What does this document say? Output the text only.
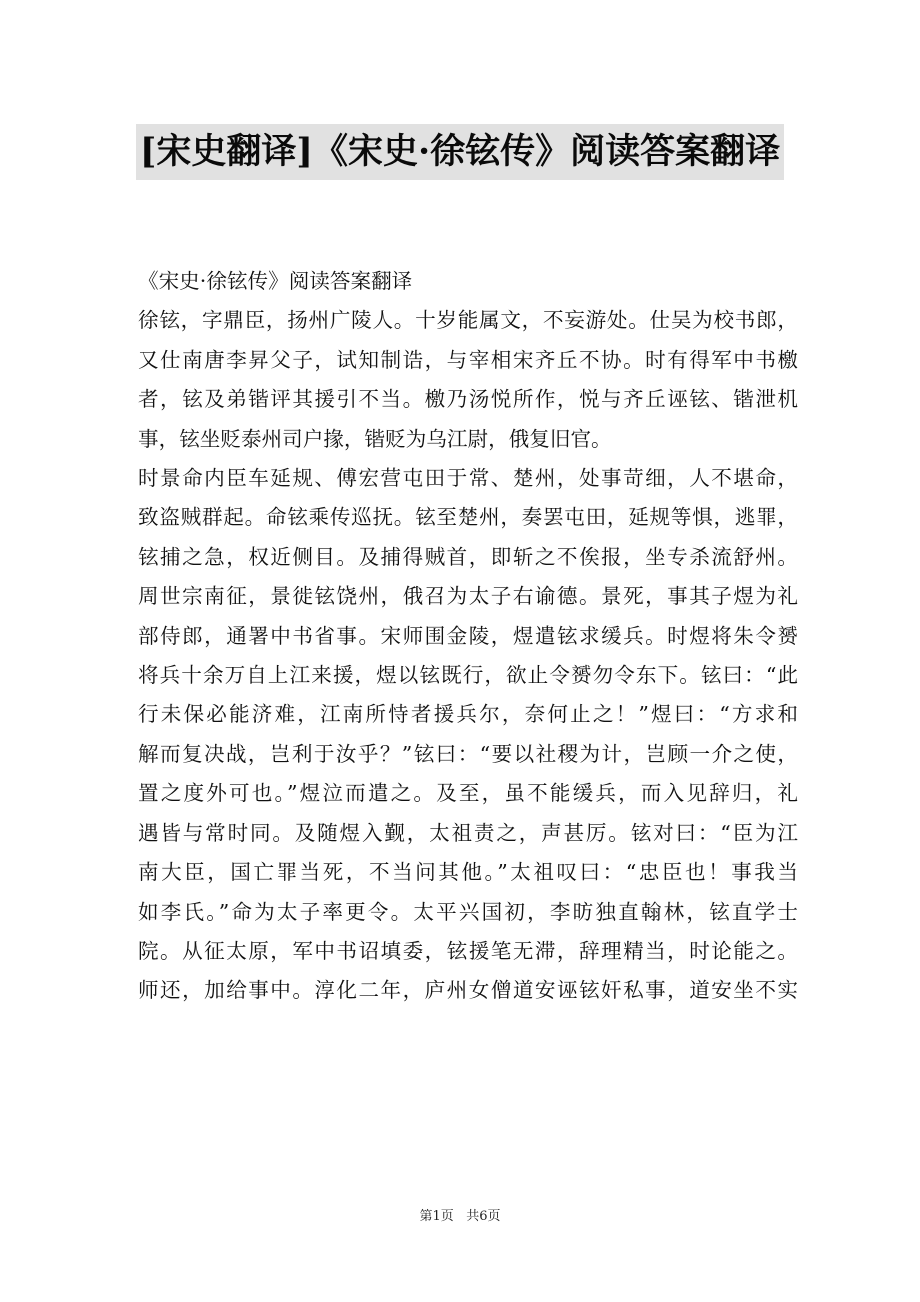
[宋史翻译]《宋史·徐铉传》阅读答案翻译

《宋史·徐铉传》阅读答案翻译

徐铉，字鼎臣，扬州广陵人。十岁能属文，不妄游处。仕吴为校书郎，

又仕南唐李昇父子，试知制诰，与宰相宋齐丘不协。时有得军中书檄

者，铉及弟锴评其援引不当。檄乃汤悦所作，悦与齐丘诬铉、锴泄机

事，铉坐贬泰州司户掾，锴贬为乌江尉，俄复旧官。

时景命内臣车延规、傅宏营屯田于常、楚州，处事苛细，人不堪命，

致盗贼群起。命铉乘传巡抚。铉至楚州，奏罢屯田，延规等惧，逃罪，

铉捕之急，权近侧目。及捕得贼首，即斩之不俟报，坐专杀流舒州。

周世宗南征，景徙铉饶州，俄召为太子右谕德。景死，事其子煜为礼

部侍郎，通署中书省事。宋师围金陵，煜遣铉求缓兵。时煜将朱令赟

将兵十余万自上江来援，煜以铉既行，欲止令赟勿令东下。铉曰：“此

行未保必能济难，江南所恃者援兵尔，奈何止之！”煜曰：“方求和

解而复决战，岂利于汝乎？”铉曰：“要以社稷为计，岂顾一介之使，

置之度外可也。”煜泣而遣之。及至，虽不能缓兵，而入见辞归，礼

遇皆与常时同。及随煜入觐，太祖责之，声甚厉。铉对曰：“臣为江

南大臣，国亡罪当死，不当问其他。”太祖叹曰：“忠臣也！事我当

如李氏。”命为太子率更令。太平兴国初，李昉独直翰林，铉直学士

院。从征太原，军中书诏填委，铉援笔无滞，辞理精当，时论能之。

师还，加给事中。淳化二年，庐州女僧道安诬铉奸私事，道安坐不实

第1页 共6页
